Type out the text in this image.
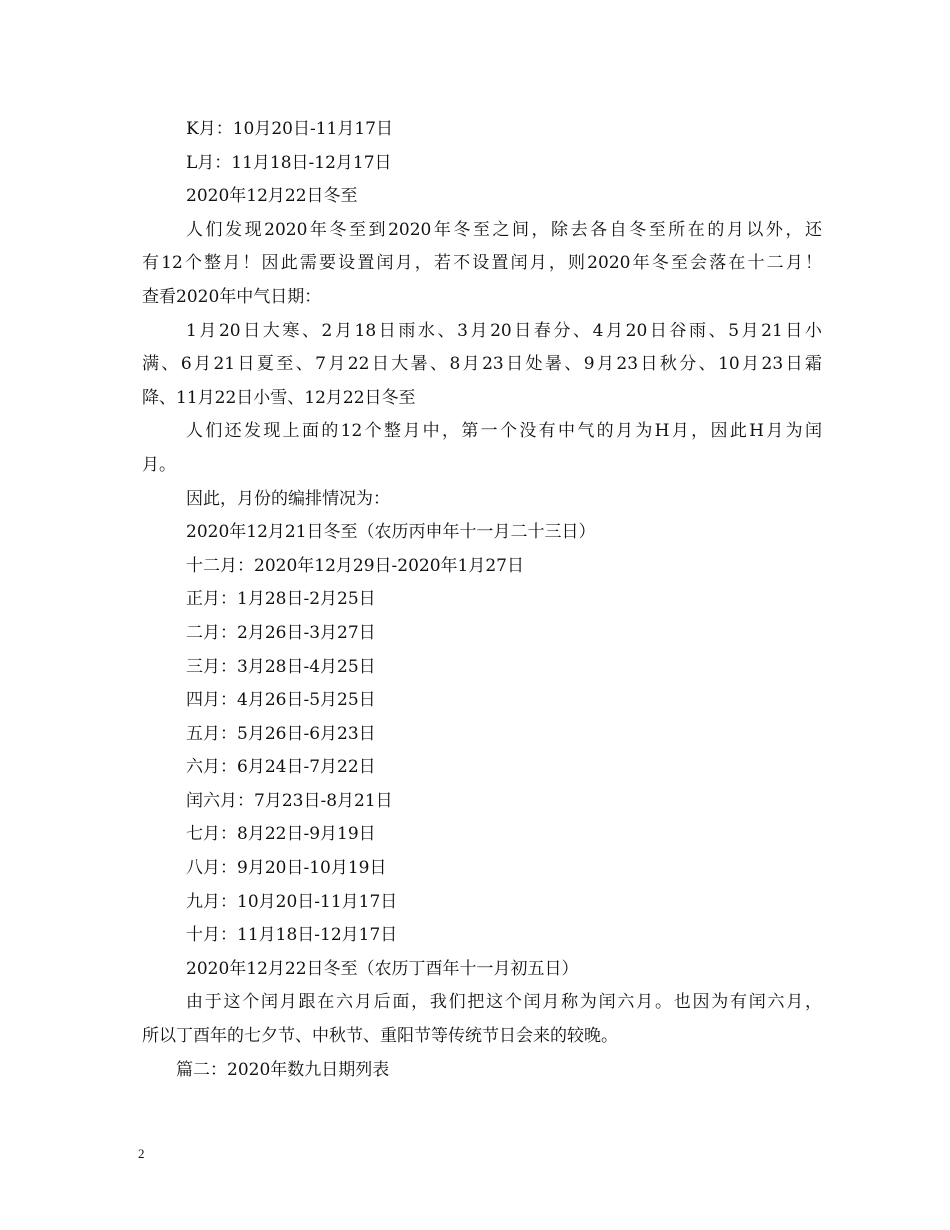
K月：10月20日-11月17日
L月：11月18日-12月17日
2020年12月22日冬至
人们发现2020年冬至到2020年冬至之间，除去各自冬至所在的月以外，还
有12个整月！因此需要设置闰月，若不设置闰月，则2020年冬至会落在十二月！
查看2020年中气日期：
1月20日大寒、2月18日雨水、3月20日春分、4月20日谷雨、5月21日小
满、6月21日夏至、7月22日大暑、8月23日处暑、9月23日秋分、10月23日霜
降、11月22日小雪、12月22日冬至
人们还发现上面的12个整月中，第一个没有中气的月为H月，因此H月为闰
月。
因此，月份的编排情况为：
2020年12月21日冬至（农历丙申年十一月二十三日）
十二月：2020年12月29日-2020年1月27日
正月：1月28日-2月25日
二月：2月26日-3月27日
三月：3月28日-4月25日
四月：4月26日-5月25日
五月：5月26日-6月23日
六月：6月24日-7月22日
闰六月：7月23日-8月21日
七月：8月22日-9月19日
八月：9月20日-10月19日
九月：10月20日-11月17日
十月：11月18日-12月17日
2020年12月22日冬至（农历丁酉年十一月初五日）
由于这个闰月跟在六月后面，我们把这个闰月称为闰六月。也因为有闰六月，
所以丁酉年的七夕节、中秋节、重阳节等传统节日会来的较晚。
篇二：2020年数九日期列表
2
